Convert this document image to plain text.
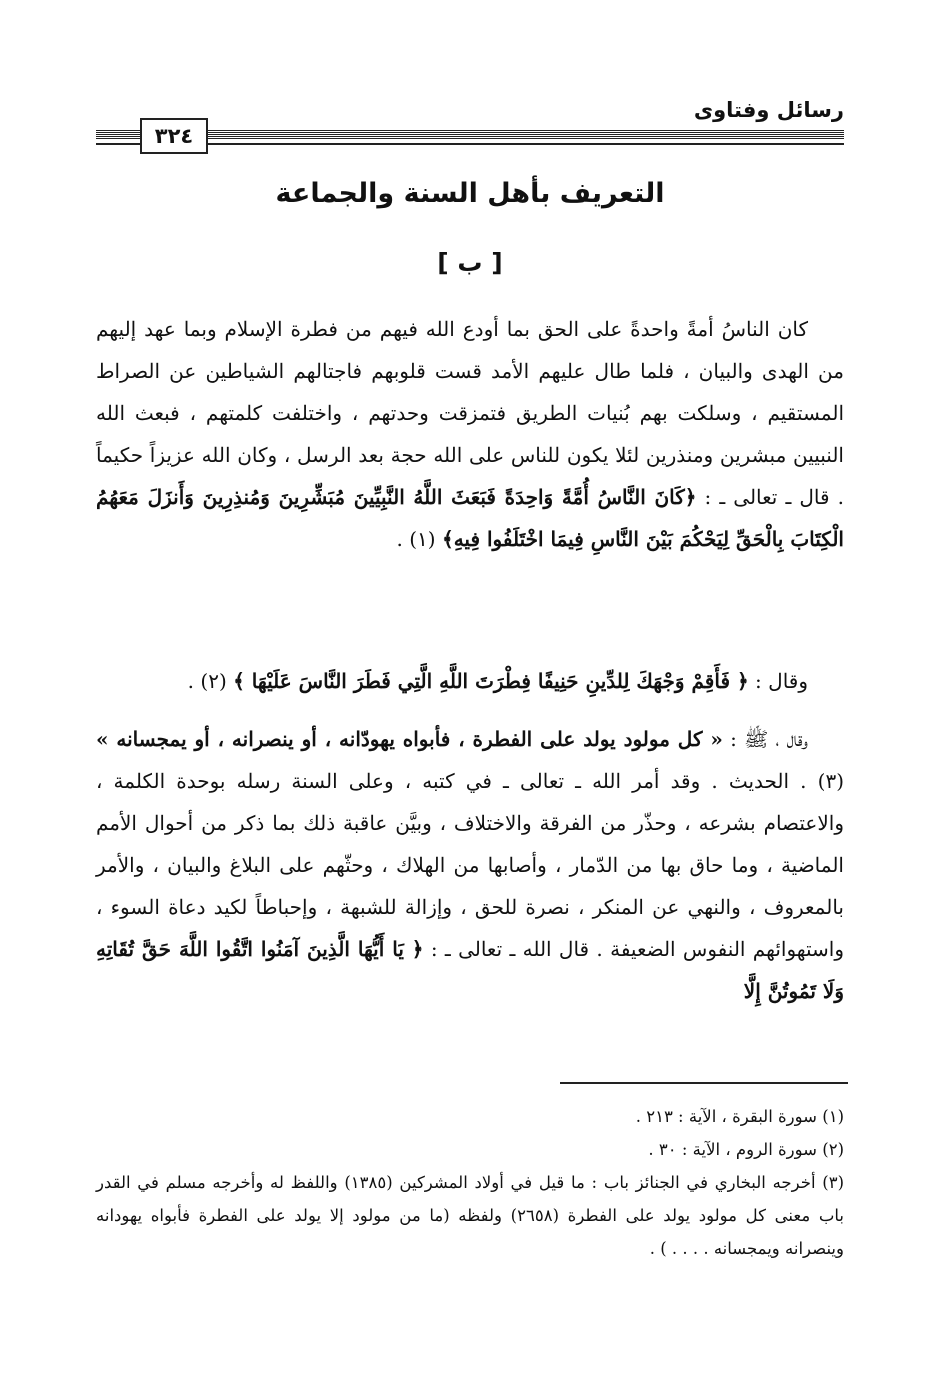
رسائل وفتاوى
٣٢٤
التعريف بأهل السنة والجماعة
[ ب ]
كان الناسُ أمةً واحدةً على الحق بما أودع الله فيهم من فطرة الإسلام وبما عهد إليهم من الهدى والبيان ، فلما طال عليهم الأمد قست قلوبهم فاجتالهم الشياطين عن الصراط المستقيم ، وسلكت بهم بُنيات الطريق فتمزقت وحدتهم ، واختلفت كلمتهم ، فبعث الله النبيين مبشرين ومنذرين لئلا يكون للناس على الله حجة بعد الرسل ، وكان الله عزيزاً حكيماً . قال ـ تعالى ـ : ﴿كَانَ النَّاسُ أُمَّةً وَاحِدَةً فَبَعَثَ اللَّهُ النَّبِيِّينَ مُبَشِّرِينَ وَمُنذِرِينَ وَأَنزَلَ مَعَهُمُ الْكِتَابَ بِالْحَقِّ لِيَحْكُمَ بَيْنَ النَّاسِ فِيمَا اخْتَلَفُوا فِيهِ﴾ (١) .
وقال : ﴿ فَأَقِمْ وَجْهَكَ لِلدِّينِ حَنِيفًا فِطْرَتَ اللَّهِ الَّتِي فَطَرَ النَّاسَ عَلَيْهَا ﴾ (٢) .
وقال ، ﷺ : « كل مولود يولد على الفطرة ، فأبواه يهودّانه ، أو ينصرانه ، أو يمجسانه » (٣) . الحديث . وقد أمر الله ـ تعالى ـ في كتبه ، وعلى السنة رسله بوحدة الكلمة ، والاعتصام بشرعه ، وحذّر من الفرقة والاختلاف ، وبيَّن عاقبة ذلك بما ذكر من أحوال الأمم الماضية ، وما حاق بها من الدّمار ، وأصابها من الهلاك ، وحثّهم على البلاغ والبيان ، والأمر بالمعروف ، والنهي عن المنكر ، نصرة للحق ، وإزالة للشبهة ، وإحباطاً لكيد دعاة السوء ، واستهوائهم النفوس الضعيفة . قال الله ـ تعالى ـ : ﴿ يَا أَيُّهَا الَّذِينَ آمَنُوا اتَّقُوا اللَّهَ حَقَّ تُقَاتِهِ وَلَا تَمُوتُنَّ إِلَّا

(١) سورة البقرة ، الآية : ٢١٣ .

(٢) سورة الروم ، الآية : ٣٠ .

(٣) أخرجه البخاري في الجنائز باب : ما قيل في أولاد المشركين (١٣٨٥) واللفظ له وأخرجه مسلم في القدر باب معنى كل مولود يولد على الفطرة (٢٦٥٨) ولفظه (ما من مولود إلا يولد على الفطرة فأبواه يهودانه وينصرانه ويمجسانه . . . . ) .
